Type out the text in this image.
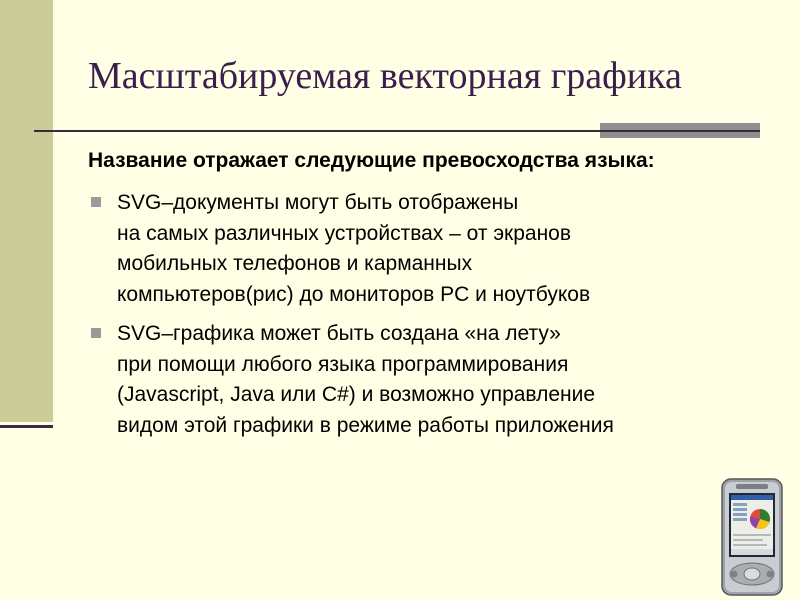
Масштабируемая векторная графика

Название отражает следующие превосходства языка:

SVG–документы могут быть отображены
на самых различных устройствах – от экранов
мобильных телефонов и карманных
компьютеров(рис) до мониторов PC и ноутбуков
SVG–графика может быть создана «на лету»
при помощи любого языка программирования
(Javascript, Java или C#) и возможно управление
видом этой графики в режиме работы приложения
